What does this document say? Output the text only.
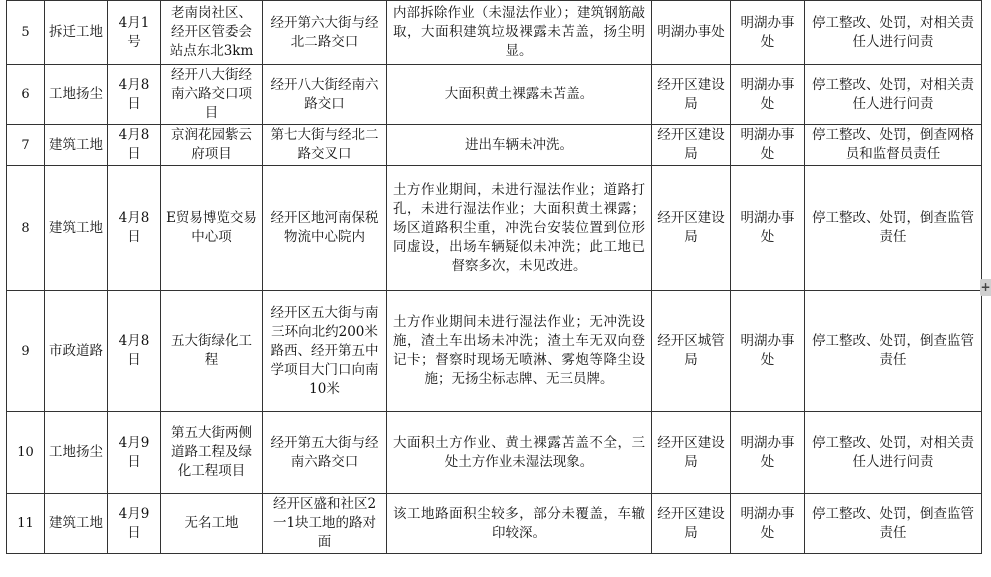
5	拆迁工地	4月1号	老南岗社区、经开区管委会站点东北3km	经开第六大街与经北二路交口	内部拆除作业（未湿法作业）；建筑钢筋敲取，大面积建筑垃圾裸露未苫盖，扬尘明显。	明湖办事处	明湖办事处	停工整改、处罚，对相关责任人进行问责
6	工地扬尘	4月8日	经开八大街经南六路交口项目	经开八大街经南六路交口	大面积黄土裸露未苫盖。	经开区建设局	明湖办事处	停工整改、处罚，对相关责任人进行问责
7	建筑工地	4月8日	京润花园紫云府项目	第七大街与经北二路交叉口	进出车辆未冲洗。	经开区建设局	明湖办事处	停工整改、处罚，倒查网格员和监督员责任
8	建筑工地	4月8日	E贸易博览交易中心项	经开区地河南保税物流中心院内	土方作业期间，未进行湿法作业；道路打孔，未进行湿法作业；大面积黄土裸露；场区道路积尘重，冲洗台安装位置到位形同虚设，出场车辆疑似未冲洗；此工地已督察多次，未见改进。	经开区建设局	明湖办事处	停工整改、处罚，倒查监管责任
9	市政道路	4月8日	五大街绿化工程	经开区五大街与南三环向北约200米路西、经开第五中学项目大门口向南10米	土方作业期间未进行湿法作业；无冲洗设施，渣土车出场未冲洗；渣土车无双向登记卡；督察时现场无喷淋、雾炮等降尘设施；无扬尘标志牌、无三员牌。	经开区城管局	明湖办事处	停工整改、处罚，倒查监管责任
10	工地扬尘	4月9日	第五大街两侧道路工程及绿化工程项目	经开第五大街与经南六路交口	大面积土方作业、黄土裸露苫盖不全，三处土方作业未湿法现象。	经开区建设局	明湖办事处	停工整改、处罚，对相关责任人进行问责
11	建筑工地	4月9日	无名工地	经开区盛和社区2一1块工地的路对面	该工地路面积尘较多，部分未覆盖，车辙印较深。	经开区建设局	明湖办事处	停工整改、处罚，倒查监管责任
+
